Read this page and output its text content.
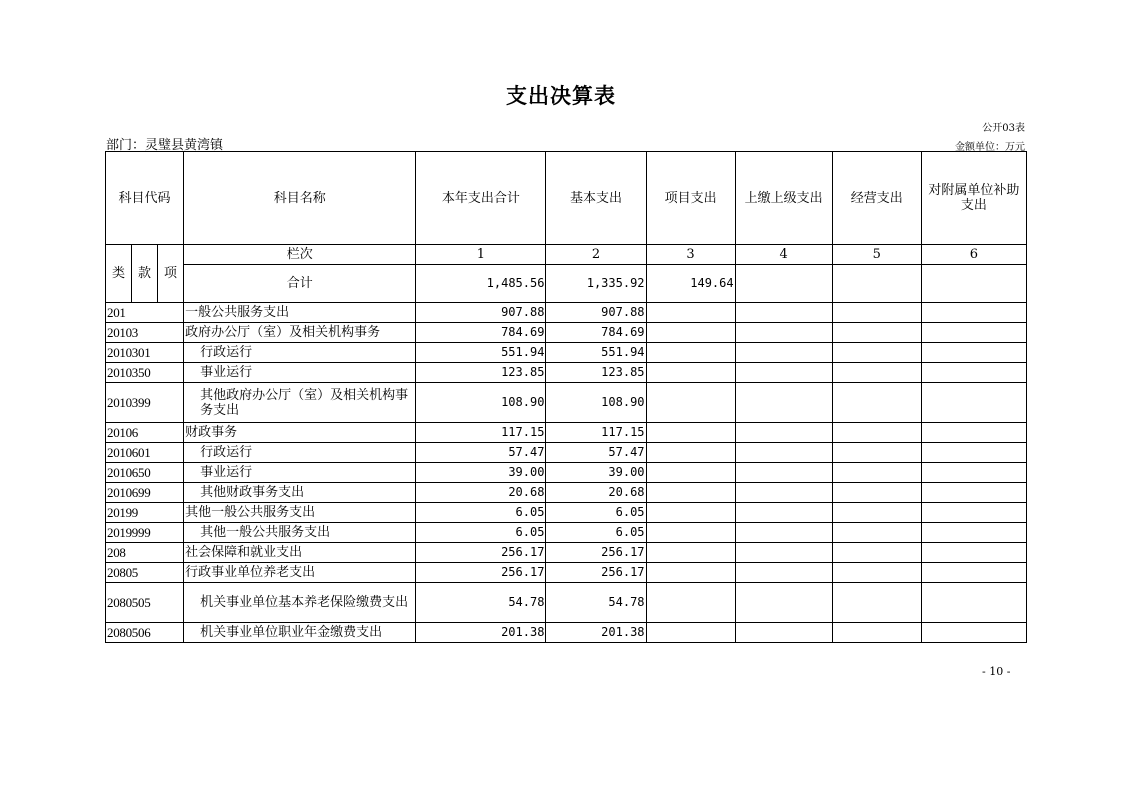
支出决算表
公开03表
部门：灵璧县黄湾镇	金额单位：万元
科目代码			科目名称	本年支出合计	基本支出	项目支出	上缴上级支出	经营支出	对附属单位补助支出
类	款	项	栏次	1	2	3	4	5	6
			合计	1,485.56	1,335.92	149.64			
201			一般公共服务支出	907.88	907.88				
20103			政府办公厅（室）及相关机构事务	784.69	784.69				
2010301			行政运行	551.94	551.94				
2010350			事业运行	123.85	123.85				
2010399			其他政府办公厅（室）及相关机构事务支出	108.90	108.90				
20106			财政事务	117.15	117.15				
2010601			行政运行	57.47	57.47				
2010650			事业运行	39.00	39.00				
2010699			其他财政事务支出	20.68	20.68				
20199			其他一般公共服务支出	6.05	6.05				
2019999			其他一般公共服务支出	6.05	6.05				
208			社会保障和就业支出	256.17	256.17				
20805			行政事业单位养老支出	256.17	256.17				
2080505			机关事业单位基本养老保险缴费支出	54.78	54.78				
2080506			机关事业单位职业年金缴费支出	201.38	201.38				
- 10 -
